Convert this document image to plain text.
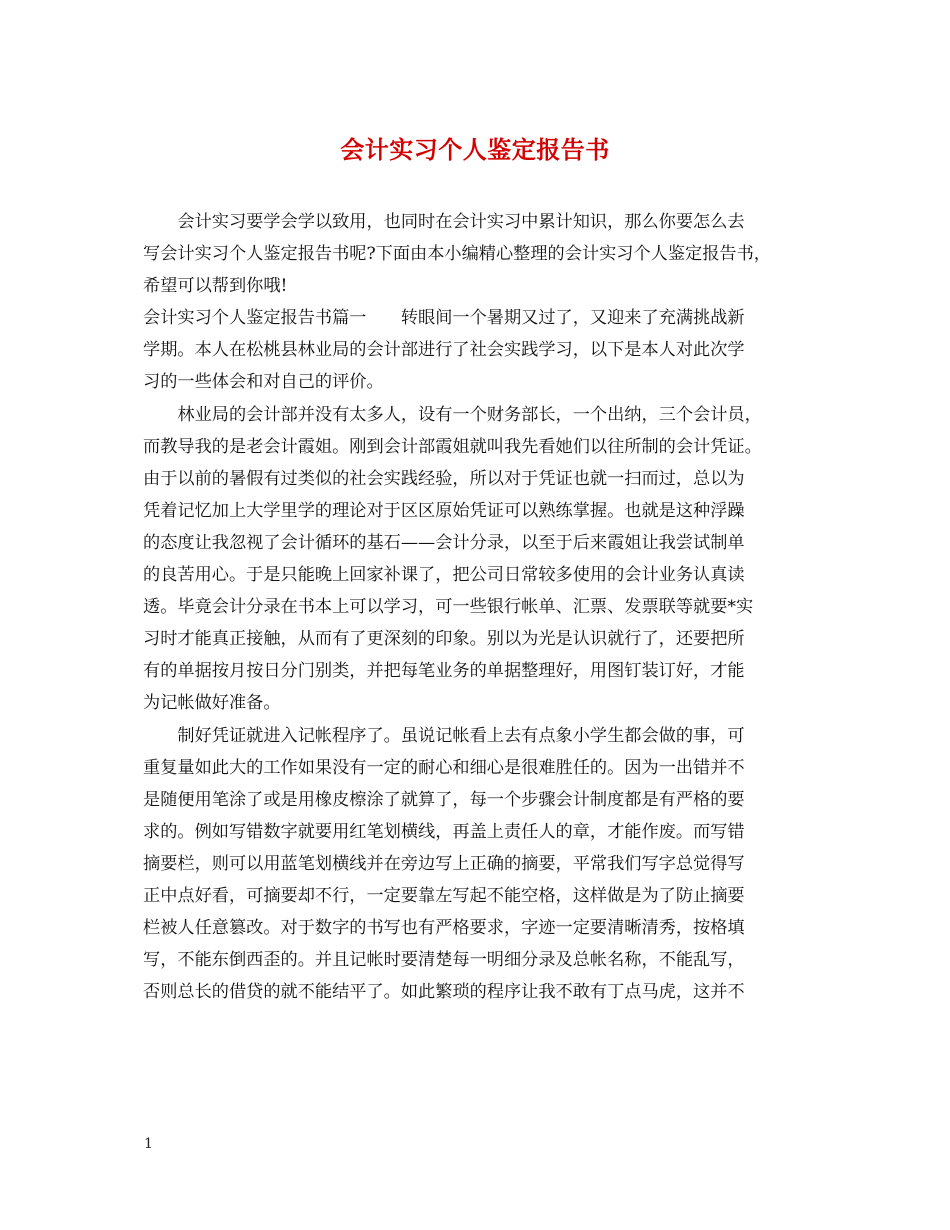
会计实习个人鉴定报告书
　　会计实习要学会学以致用，也同时在会计实习中累计知识，那么你要怎么去
写会计实习个人鉴定报告书呢?下面由本小编精心整理的会计实习个人鉴定报告书，
希望可以帮到你哦!
会计实习个人鉴定报告书篇一　　转眼间一个暑期又过了，又迎来了充满挑战新
学期。本人在松桃县林业局的会计部进行了社会实践学习，以下是本人对此次学
习的一些体会和对自己的评价。
　　林业局的会计部并没有太多人，设有一个财务部长，一个出纳，三个会计员，
而教导我的是老会计霞姐。刚到会计部霞姐就叫我先看她们以往所制的会计凭证。
由于以前的暑假有过类似的社会实践经验，所以对于凭证也就一扫而过，总以为
凭着记忆加上大学里学的理论对于区区原始凭证可以熟练掌握。也就是这种浮躁
的态度让我忽视了会计循环的基石——会计分录，以至于后来霞姐让我尝试制单
的良苦用心。于是只能晚上回家补课了，把公司日常较多使用的会计业务认真读
透。毕竟会计分录在书本上可以学习，可一些银行帐单、汇票、发票联等就要*实
习时才能真正接触，从而有了更深刻的印象。别以为光是认识就行了，还要把所
有的单据按月按日分门别类，并把每笔业务的单据整理好，用图钉装订好，才能
为记帐做好准备。
　　制好凭证就进入记帐程序了。虽说记帐看上去有点象小学生都会做的事，可
重复量如此大的工作如果没有一定的耐心和细心是很难胜任的。因为一出错并不
是随便用笔涂了或是用橡皮檫涂了就算了，每一个步骤会计制度都是有严格的要
求的。例如写错数字就要用红笔划横线，再盖上责任人的章，才能作废。而写错
摘要栏，则可以用蓝笔划横线并在旁边写上正确的摘要，平常我们写字总觉得写
正中点好看，可摘要却不行，一定要靠左写起不能空格，这样做是为了防止摘要
栏被人任意篡改。对于数字的书写也有严格要求，字迹一定要清晰清秀，按格填
写，不能东倒西歪的。并且记帐时要清楚每一明细分录及总帐名称，不能乱写，
否则总长的借贷的就不能结平了。如此繁琐的程序让我不敢有丁点马虎，这并不
1
